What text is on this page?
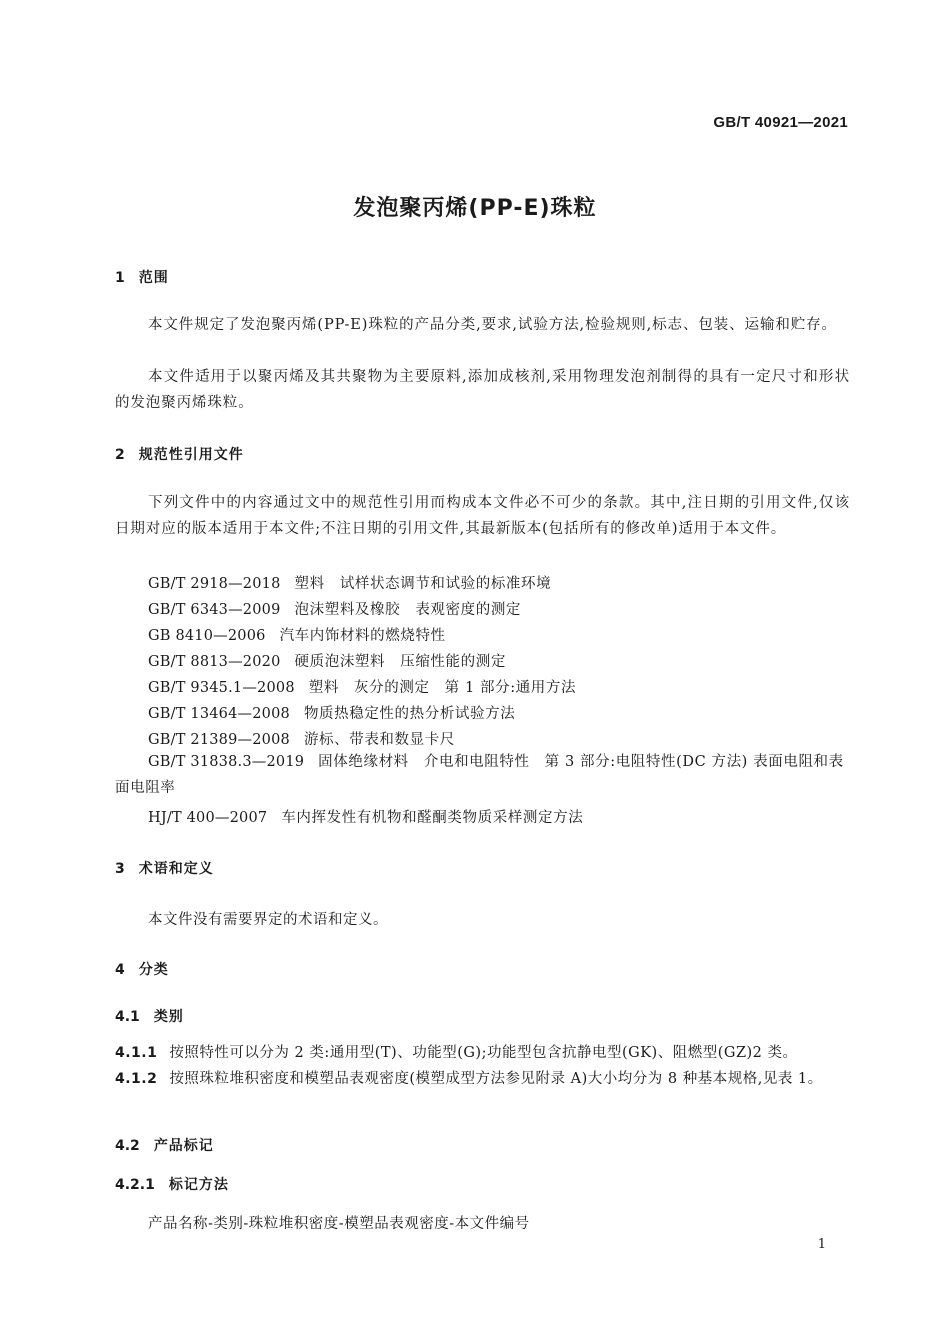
GB/T 40921—2021
发泡聚丙烯(PP-E)珠粒
1 范围

本文件规定了发泡聚丙烯(PP-E)珠粒的产品分类,要求,试验方法,检验规则,标志、包装、运输和贮存。

本文件适用于以聚丙烯及其共聚物为主要原料,添加成核剂,采用物理发泡剂制得的具有一定尺寸和形状的发泡聚丙烯珠粒。

2 规范性引用文件

下列文件中的内容通过文中的规范性引用而构成本文件必不可少的条款。其中,注日期的引用文件,仅该日期对应的版本适用于本文件;不注日期的引用文件,其最新版本(包括所有的修改单)适用于本文件。

GB/T 2918—2018 塑料　试样状态调节和试验的标准环境
GB/T 6343—2009 泡沫塑料及橡胶　表观密度的测定
GB 8410—2006 汽车内饰材料的燃烧特性
GB/T 8813—2020 硬质泡沫塑料　压缩性能的测定
GB/T 9345.1—2008 塑料　灰分的测定　第 1 部分:通用方法
GB/T 13464—2008 物质热稳定性的热分析试验方法
GB/T 21389—2008 游标、带表和数显卡尺

GB/T 31838.3—2019 固体绝缘材料　介电和电阻特性　第 3 部分:电阻特性(DC 方法) 表面电阻和表面电阻率

HJ/T 400—2007 车内挥发性有机物和醛酮类物质采样测定方法
3 术语和定义
本文件没有需要界定的术语和定义。
4 分类
4.1 类别

4.1.1 按照特性可以分为 2 类:通用型(T)、功能型(G);功能型包含抗静电型(GK)、阻燃型(GZ)2 类。

4.1.2 按照珠粒堆积密度和模塑品表观密度(模塑成型方法参见附录 A)大小均分为 8 种基本规格,见表 1。

4.2 产品标记
4.2.1 标记方法
产品名称-类别-珠粒堆积密度-模塑品表观密度-本文件编号
1
